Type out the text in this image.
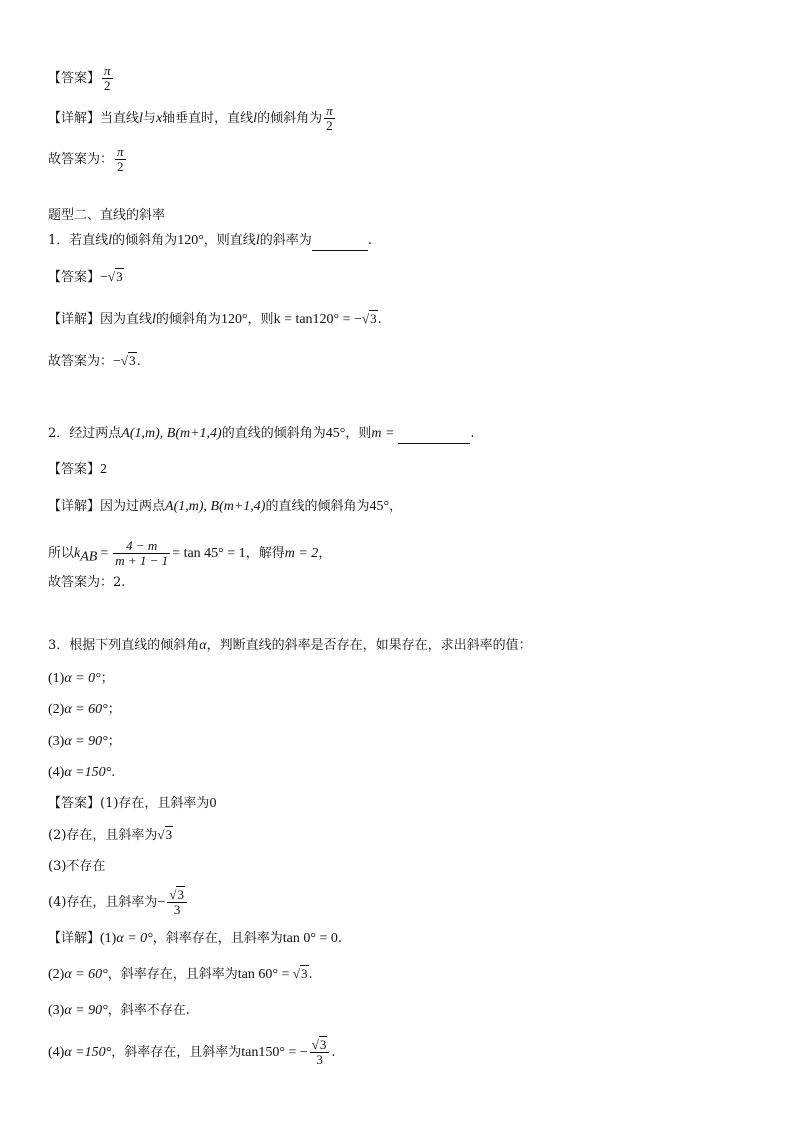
【答案】 $\frac{\pi}{2}$
【详解】当直线l与x轴垂直时，直线l的倾斜角为 $\frac{\pi}{2}$
故答案为： $\frac{\pi}{2}$
题型二、直线的斜率
1．若直线l的倾斜角为120°，则直线l的斜率为	.
【答案】−√3
【详解】因为直线l的倾斜角为120°，则k = tan120° = −√3.
故答案为：−√3.
2．经过两点A(1,m), B(m+1,4)的直线的倾斜角为45°，则m =	.
【答案】2
【详解】因为过两点A(1,m), B(m+1,4)的直线的倾斜角为45°，
所以$k_{AB} = \frac{4 - m}{m + 1 - 1} = \tan 45^\circ = 1$，解得m = 2，
故答案为：2.
3．根据下列直线的倾斜角α，判断直线的斜率是否存在，如果存在，求出斜率的值：
(1)α = 0°；
(2)α = 60°；
(3)α = 90°；
(4)α =150°.
【答案】(1)存在，且斜率为0
(2)存在，且斜率为√3
(3)不存在
(4)存在，且斜率为− $\frac{√3}{3}$
【详解】(1)α = 0°，斜率存在，且斜率为tan 0° = 0.
(2)α = 60°，斜率存在，且斜率为tan 60° = √3.
(3)α = 90°，斜率不存在.
(4)α =150°，斜率存在，且斜率为tan150° = − $\frac{√3}{3}$ .
